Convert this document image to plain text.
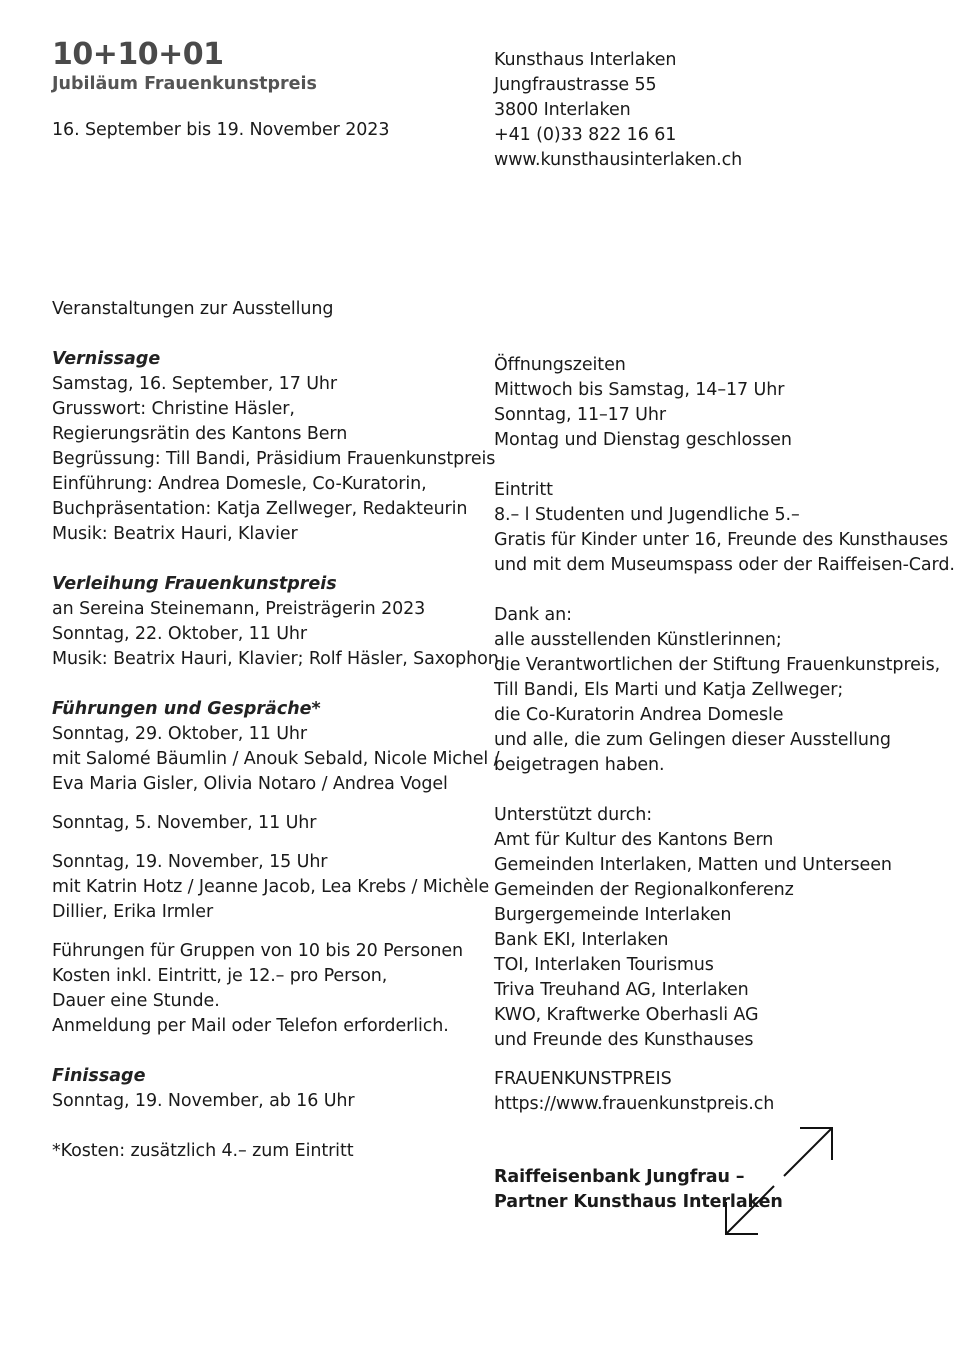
10+10+01
Jubiläum Frauenkunstpreis
16. September bis 19. November 2023

Kunsthaus Interlaken

Jungfraustrasse 55

3800 Interlaken

+41 (0)33 822 16 61

www.kunsthausinterlaken.ch

Veranstaltungen zur Ausstellung

Vernissage

Samstag, 16. September, 17 Uhr

Grusswort: Christine Häsler,

Regierungsrätin des Kantons Bern

Begrüssung: Till Bandi, Präsidium Frauenkunstpreis

Einführung: Andrea Domesle, Co-Kuratorin,

Buchpräsentation: Katja Zellweger, Redakteurin

Musik: Beatrix Hauri, Klavier

Verleihung Frauenkunstpreis

an Sereina Steinemann, Preisträgerin 2023

Sonntag, 22. Oktober, 11 Uhr

Musik: Beatrix Hauri, Klavier; Rolf Häsler, Saxophon

Führungen und Gespräche*

Sonntag, 29. Oktober, 11 Uhr

mit Salomé Bäumlin / Anouk Sebald, Nicole Michel /

Eva Maria Gisler, Olivia Notaro / Andrea Vogel

Sonntag, 5. November, 11 Uhr

Sonntag, 19. November, 15 Uhr

mit Katrin Hotz / Jeanne Jacob, Lea Krebs / Michèle

Dillier, Erika Irmler

Führungen für Gruppen von 10 bis 20 Personen

Kosten inkl. Eintritt, je 12.– pro Person,

Dauer eine Stunde.

Anmeldung per Mail oder Telefon erforderlich.

Finissage

Sonntag, 19. November, ab 16 Uhr

*Kosten: zusätzlich 4.– zum Eintritt

Öffnungszeiten

Mittwoch bis Samstag, 14–17 Uhr

Sonntag, 11–17 Uhr

Montag und Dienstag geschlossen

Eintritt

8.– l Studenten und Jugendliche 5.–

Gratis für Kinder unter 16, Freunde des Kunsthauses

und mit dem Museumspass oder der Raiffeisen-Card.

Dank an:

alle ausstellenden Künstlerinnen;

die Verantwortlichen der Stiftung Frauenkunstpreis,

Till Bandi, Els Marti und Katja Zellweger;

die Co-Kuratorin Andrea Domesle

und alle, die zum Gelingen dieser Ausstellung

beigetragen haben.

Unterstützt durch:

Amt für Kultur des Kantons Bern

Gemeinden Interlaken, Matten und Unterseen

Gemeinden der Regionalkonferenz

Burgergemeinde Interlaken

Bank EKI, Interlaken

TOI, Interlaken Tourismus

Triva Treuhand AG, Interlaken

KWO, Kraftwerke Oberhasli AG

und Freunde des Kunsthauses

FRAUENKUNSTPREIS

https://www.frauenkunstpreis.ch

Raiffeisenbank Jungfrau –

Partner Kunsthaus Interlaken
